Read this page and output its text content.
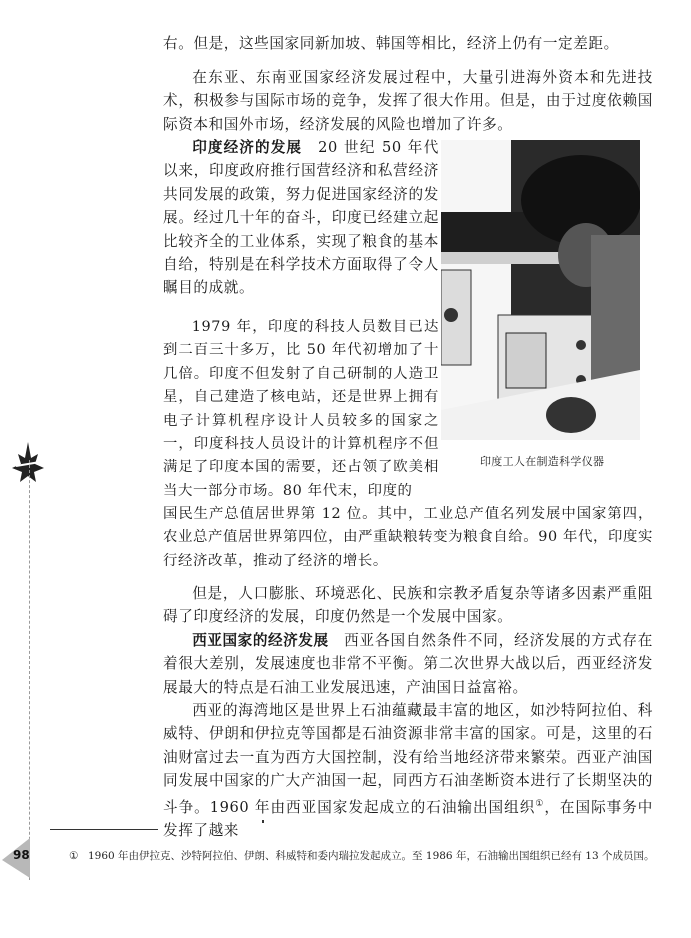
右。但是，这些国家同新加坡、韩国等相比，经济上仍有一定差距。

在东亚、东南亚国家经济发展过程中，大量引进海外资本和先进技术，积极参与国际市场的竞争，发挥了很大作用。但是，由于过度依赖国际资本和国外市场，经济发展的风险也增加了许多。

印度经济的发展　20 世纪 50 年代以来，印度政府推行国营经济和私营经济共同发展的政策，努力促进国家经济的发展。经过几十年的奋斗，印度已经建立起比较齐全的工业体系，实现了粮食的基本自给，特别是在科学技术方面取得了令人瞩目的成就。

1979 年，印度的科技人员数目已达到二百三十多万，比 50 年代初增加了十几倍。印度不但发射了自己研制的人造卫星，自己建造了核电站，还是世界上拥有电子计算机程序设计人员较多的国家之一，印度科技人员设计的计算机程序不但满足了印度本国的需要，还占领了欧美相当大一部分市场。80 年代末，印度的

国民生产总值居世界第 12 位。其中，工业总产值名列发展中国家第四，农业总产值居世界第四位，由严重缺粮转变为粮食自给。90 年代，印度实行经济改革，推动了经济的增长。

但是，人口膨胀、环境恶化、民族和宗教矛盾复杂等诸多因素严重阻碍了印度经济的发展，印度仍然是一个发展中国家。

西亚国家的经济发展　西亚各国自然条件不同，经济发展的方式存在着很大差别，发展速度也非常不平衡。第二次世界大战以后，西亚经济发展最大的特点是石油工业发展迅速，产油国日益富裕。

西亚的海湾地区是世界上石油蕴藏最丰富的地区，如沙特阿拉伯、科威特、伊朗和伊拉克等国都是石油资源非常丰富的国家。可是，这里的石油财富过去一直为西方大国控制，没有给当地经济带来繁荣。西亚产油国同发展中国家的广大产油国一起，同西方石油垄断资本进行了长期坚决的斗争。1960 年由西亚国家发起成立的石油输出国组织①，在国际事务中发挥了越来

印度工人在制造科学仪器
① 1960 年由伊拉克、沙特阿拉伯、伊朗、科威特和委内瑞拉发起成立。至 1986 年，石油输出国组织已经有 13 个成员国。
98
